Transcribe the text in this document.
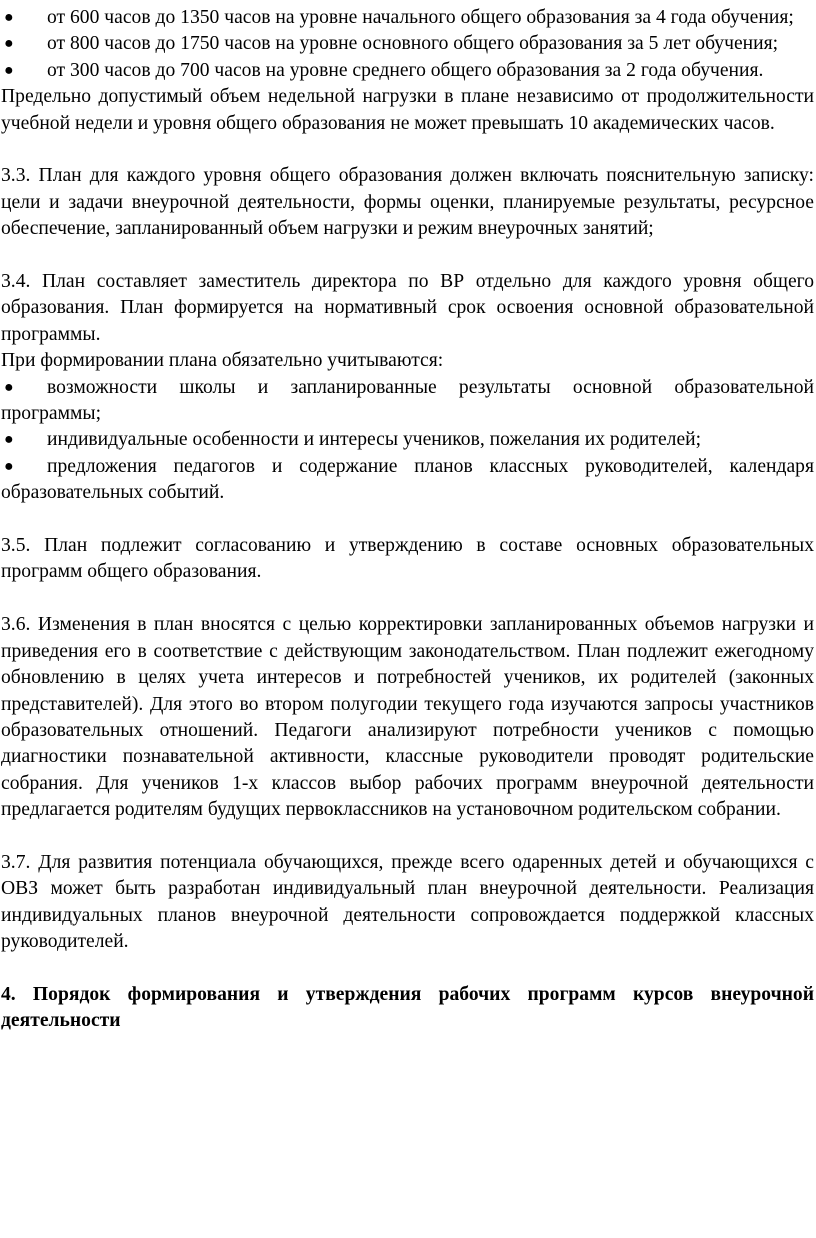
● от 600 часов до 1350 часов на уровне начального общего образования за 4 года обучения;

● от 800 часов до 1750 часов на уровне основного общего образования за 5 лет обучения;

● от 300 часов до 700 часов на уровне среднего общего образования за 2 года обучения.

Предельно допустимый объем недельной нагрузки в плане независимо от продолжительности учебной недели и уровня общего образования не может превышать 10 академических часов.

3.3. План для каждого уровня общего образования должен включать пояснительную записку: цели и задачи внеурочной деятельности, формы оценки, планируемые результаты, ресурсное обеспечение, запланированный объем нагрузки и режим внеурочных занятий;

3.4. План составляет заместитель директора по ВР отдельно для каждого уровня общего образования. План формируется на нормативный срок освоения основной образовательной программы.

При формировании плана обязательно учитываются:

● возможности школы и запланированные результаты основной образовательной программы;

● индивидуальные особенности и интересы учеников, пожелания их родителей;

● предложения педагогов и содержание планов классных руководителей, календаря образовательных событий.

3.5. План подлежит согласованию и утверждению в составе основных образовательных программ общего образования.

3.6. Изменения в план вносятся с целью корректировки запланированных объемов нагрузки и приведения его в соответствие с действующим законодательством. План подлежит ежегодному обновлению в целях учета интересов и потребностей учеников, их родителей (законных представителей). Для этого во втором полугодии текущего года изучаются запросы участников образовательных отношений. Педагоги анализируют потребности учеников с помощью диагностики познавательной активности, классные руководители проводят родительские собрания. Для учеников 1-х классов выбор рабочих программ внеурочной деятельности предлагается родителям будущих первоклассников на установочном родительском собрании.

3.7. Для развития потенциала обучающихся, прежде всего одаренных детей и обучающихся с ОВЗ может быть разработан индивидуальный план внеурочной деятельности. Реализация индивидуальных планов внеурочной деятельности сопровождается поддержкой классных руководителей.

4. Порядок формирования и утверждения рабочих программ курсов внеурочной деятельности
